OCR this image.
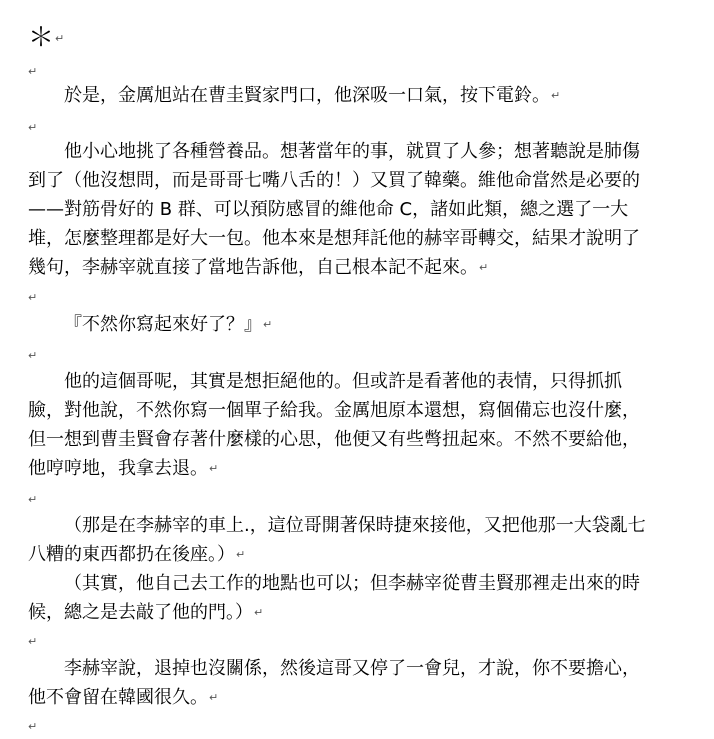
＊↵
↵
於是，金厲旭站在曹圭賢家門口，他深吸一口氣，按下電鈴。↵
↵
他小心地挑了各種營養品。想著當年的事，就買了人參；想著聽說是肺傷
到了（他沒想問，而是哥哥七嘴八舌的！）又買了韓藥。維他命當然是必要的
——對筋骨好的 B 群、可以預防感冒的維他命 C，諸如此類，總之選了一大
堆，怎麼整理都是好大一包。他本來是想拜託他的赫宰哥轉交，結果才說明了
幾句，李赫宰就直接了當地告訴他，自己根本記不起來。↵
↵
『不然你寫起來好了？』↵
↵
他的這個哥呢，其實是想拒絕他的。但或許是看著他的表情，只得抓抓
臉，對他說，不然你寫一個單子給我。金厲旭原本還想，寫個備忘也沒什麼，
但一想到曹圭賢會存著什麼樣的心思，他便又有些彆扭起來。不然不要給他，
他哼哼地，我拿去退。↵
↵
（那是在李赫宰的車上.，這位哥開著保時捷來接他，又把他那一大袋亂七
八糟的東西都扔在後座。）↵
（其實，他自己去工作的地點也可以；但李赫宰從曹圭賢那裡走出來的時
候，總之是去敲了他的門。）↵
↵
李赫宰說，退掉也沒關係，然後這哥又停了一會兒，才說，你不要擔心，
他不會留在韓國很久。↵
↵
